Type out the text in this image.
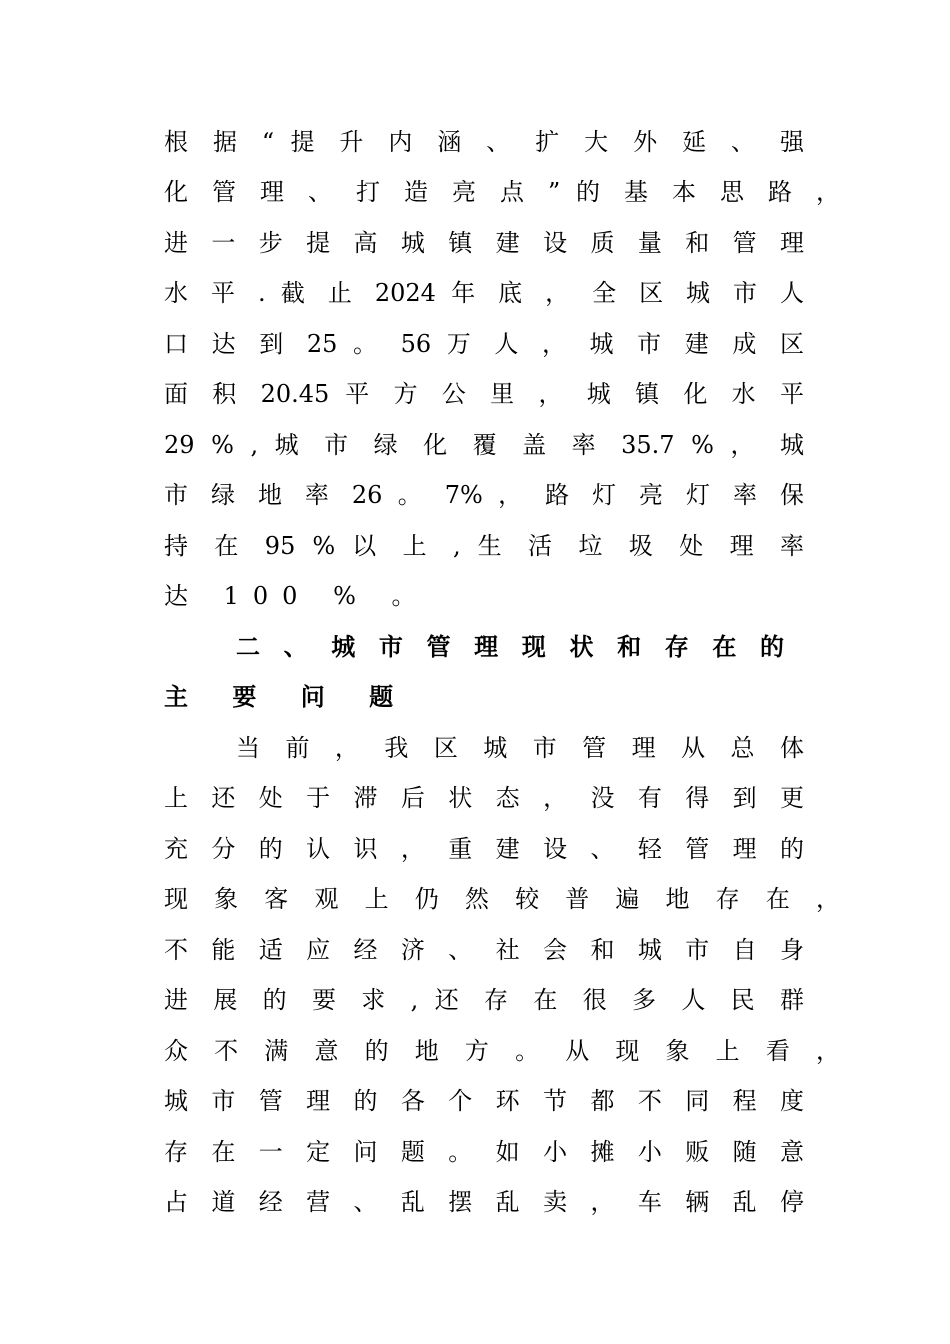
根 据 “ 提 升 内 涵 、 扩 大 外 延 、 强
化 管 理 、 打 造 亮 点 ” 的 基 本 思 路 ，
进 一 步 提 高 城 镇 建 设 质 量 和 管 理
水 平 . 截 止 2024 年 底 ， 全 区 城 市 人
口 达 到 25 。 56 万 人 ， 城 市 建 成 区
面 积 20.45 平 方 公 里 ， 城 镇 化 水 平
29 % , 城 市 绿 化 覆 盖 率 35.7 % ， 城
市 绿 地 率 26 。 7% ， 路 灯 亮 灯 率 保
持 在 95 % 以 上 , 生 活 垃 圾 处 理 率
达 100 % 。
二 、 城 市 管 理 现 状 和 存 在 的
主 要 问 题
当 前 ， 我 区 城 市 管 理 从 总 体
上 还 处 于 滞 后 状 态 ， 没 有 得 到 更
充 分 的 认 识 ， 重 建 设 、 轻 管 理 的
现 象 客 观 上 仍 然 较 普 遍 地 存 在 ，
不 能 适 应 经 济 、 社 会 和 城 市 自 身
进 展 的 要 求 , 还 存 在 很 多 人 民 群
众 不 满 意 的 地 方 。 从 现 象 上 看 ，
城 市 管 理 的 各 个 环 节 都 不 同 程 度
存 在 一 定 问 题 。 如 小 摊 小 贩 随 意
占 道 经 营 、 乱 摆 乱 卖 ， 车 辆 乱 停
